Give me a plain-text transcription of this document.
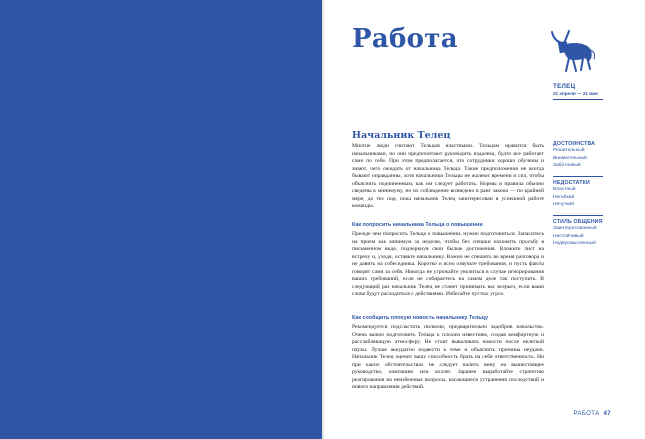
Работа
ТЕЛЕЦ
21 апреля — 21 мая
Начальник Телец

Многие люди считают Тельцов властными. Тельцам нравится быть начальниками, но они предпочитают руководить издалека, будто все работает само по себе. При этом предполагается, что сотрудники хорошо обучены и знают, чего ожидать от начальника Тельца. Такие предположения не всегда бывают оправданны, хотя начальники Тельцы не жалеют времени и сил, чтобы объяснить подчиненным, как им следует работать. Нормы и правила обычно сведены к минимуму, но их соблюдение возведено в ранг закона — по крайней мере, до тех пор, пока начальник Телец заинтересован в успешной работе команды.

Как попросить начальника Тельца о повышении

Прежде чем попросить Тельца о повышении, нужно подготовиться. Запаситесь на прием как минимум за неделю, чтобы без спешки изложить просьбу в письменном виде, подчеркнув свои былые достижения. Вложите лист на встречу и, уходя, оставьте начальнику. Важно не спешить во время разговора и не давить на собеседника. Коротко и ясно озвучьте требования, и пусть факты говорят сами за себя. Никогда не угрожайте уволиться в случае игнорирования ваших требований, если не собираетесь на самом деле так поступить. В следующий раз начальник Телец не станет принимать вас всерьез, если ваши слова будут расходиться с действиями. Избегайте пустых угроз.

Как сообщить плохую новость начальнику Тельцу

Рекомендуется подсластить пилюлю, предварительно задобрив начальство. Очень важно подготовить Тельца к плохим известиям, создав комфортную и расслабляющую атмосферу. Не стоит вываливать новости после нелегкой паузы. Лучше аккуратно подвести к теме и объяснить причины неудачи. Начальник Телец оценит вашу способность брать на себя ответственность. Ни при каких обстоятельствах не следует валить вину на вышестоящее руководство, компанию или коллег. Заранее выработайте стратегию реагирования на неизбежные вопросы, касающиеся устранения последствий и нового направления действий.

ДОСТОИНСТВА
Решительный
Внимательный
Заботливый
НЕДОСТАТКИ
Властный
Негибкий
Нечуткий
СТИЛЬ ОБЩЕНИЯ
Заинтересованный
Настойчивый
Недвусмысленный
РАБОТА 47
